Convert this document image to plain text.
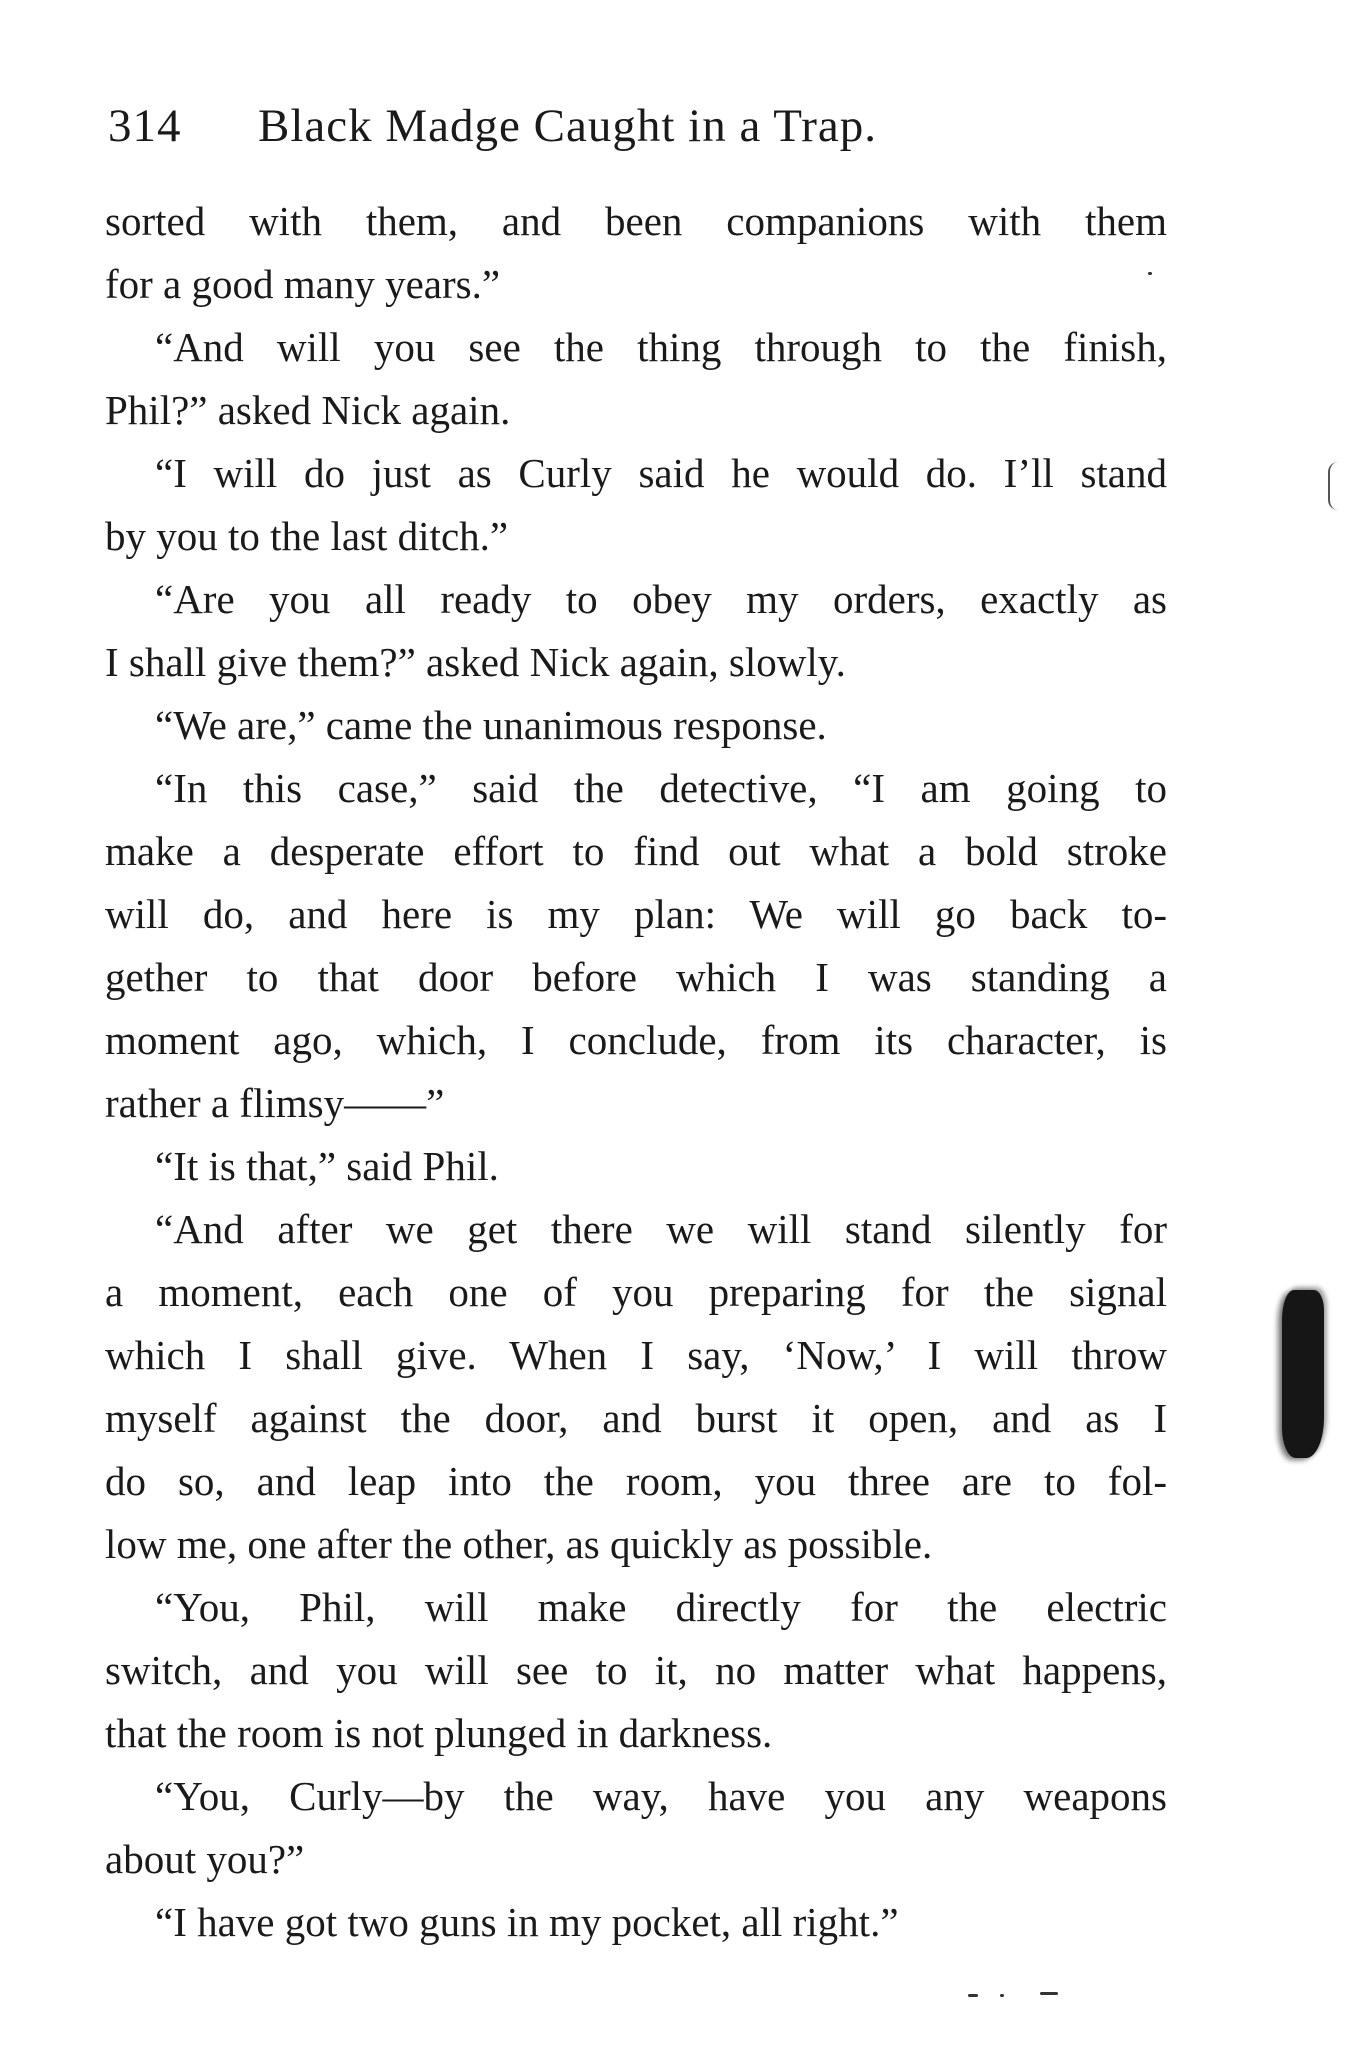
314 Black Madge Caught in a Trap.
sorted with them, and been companions with them
for a good many years.”
“And will you see the thing through to the finish,
Phil?” asked Nick again.
“I will do just as Curly said he would do. I’ll stand
by you to the last ditch.”
“Are you all ready to obey my orders, exactly as
I shall give them?” asked Nick again, slowly.
“We are,” came the unanimous response.
“In this case,” said the detective, “I am going to
make a desperate effort to find out what a bold stroke
will do, and here is my plan: We will go back to-
gether to that door before which I was standing a
moment ago, which, I conclude, from its character, is
rather a flimsy——”
“It is that,” said Phil.
“And after we get there we will stand silently for
a moment, each one of you preparing for the signal
which I shall give. When I say, ‘Now,’ I will throw
myself against the door, and burst it open, and as I
do so, and leap into the room, you three are to fol-
low me, one after the other, as quickly as possible.
“You, Phil, will make directly for the electric
switch, and you will see to it, no matter what happens,
that the room is not plunged in darkness.
“You, Curly—by the way, have you any weapons
about you?”
“I have got two guns in my pocket, all right.”
